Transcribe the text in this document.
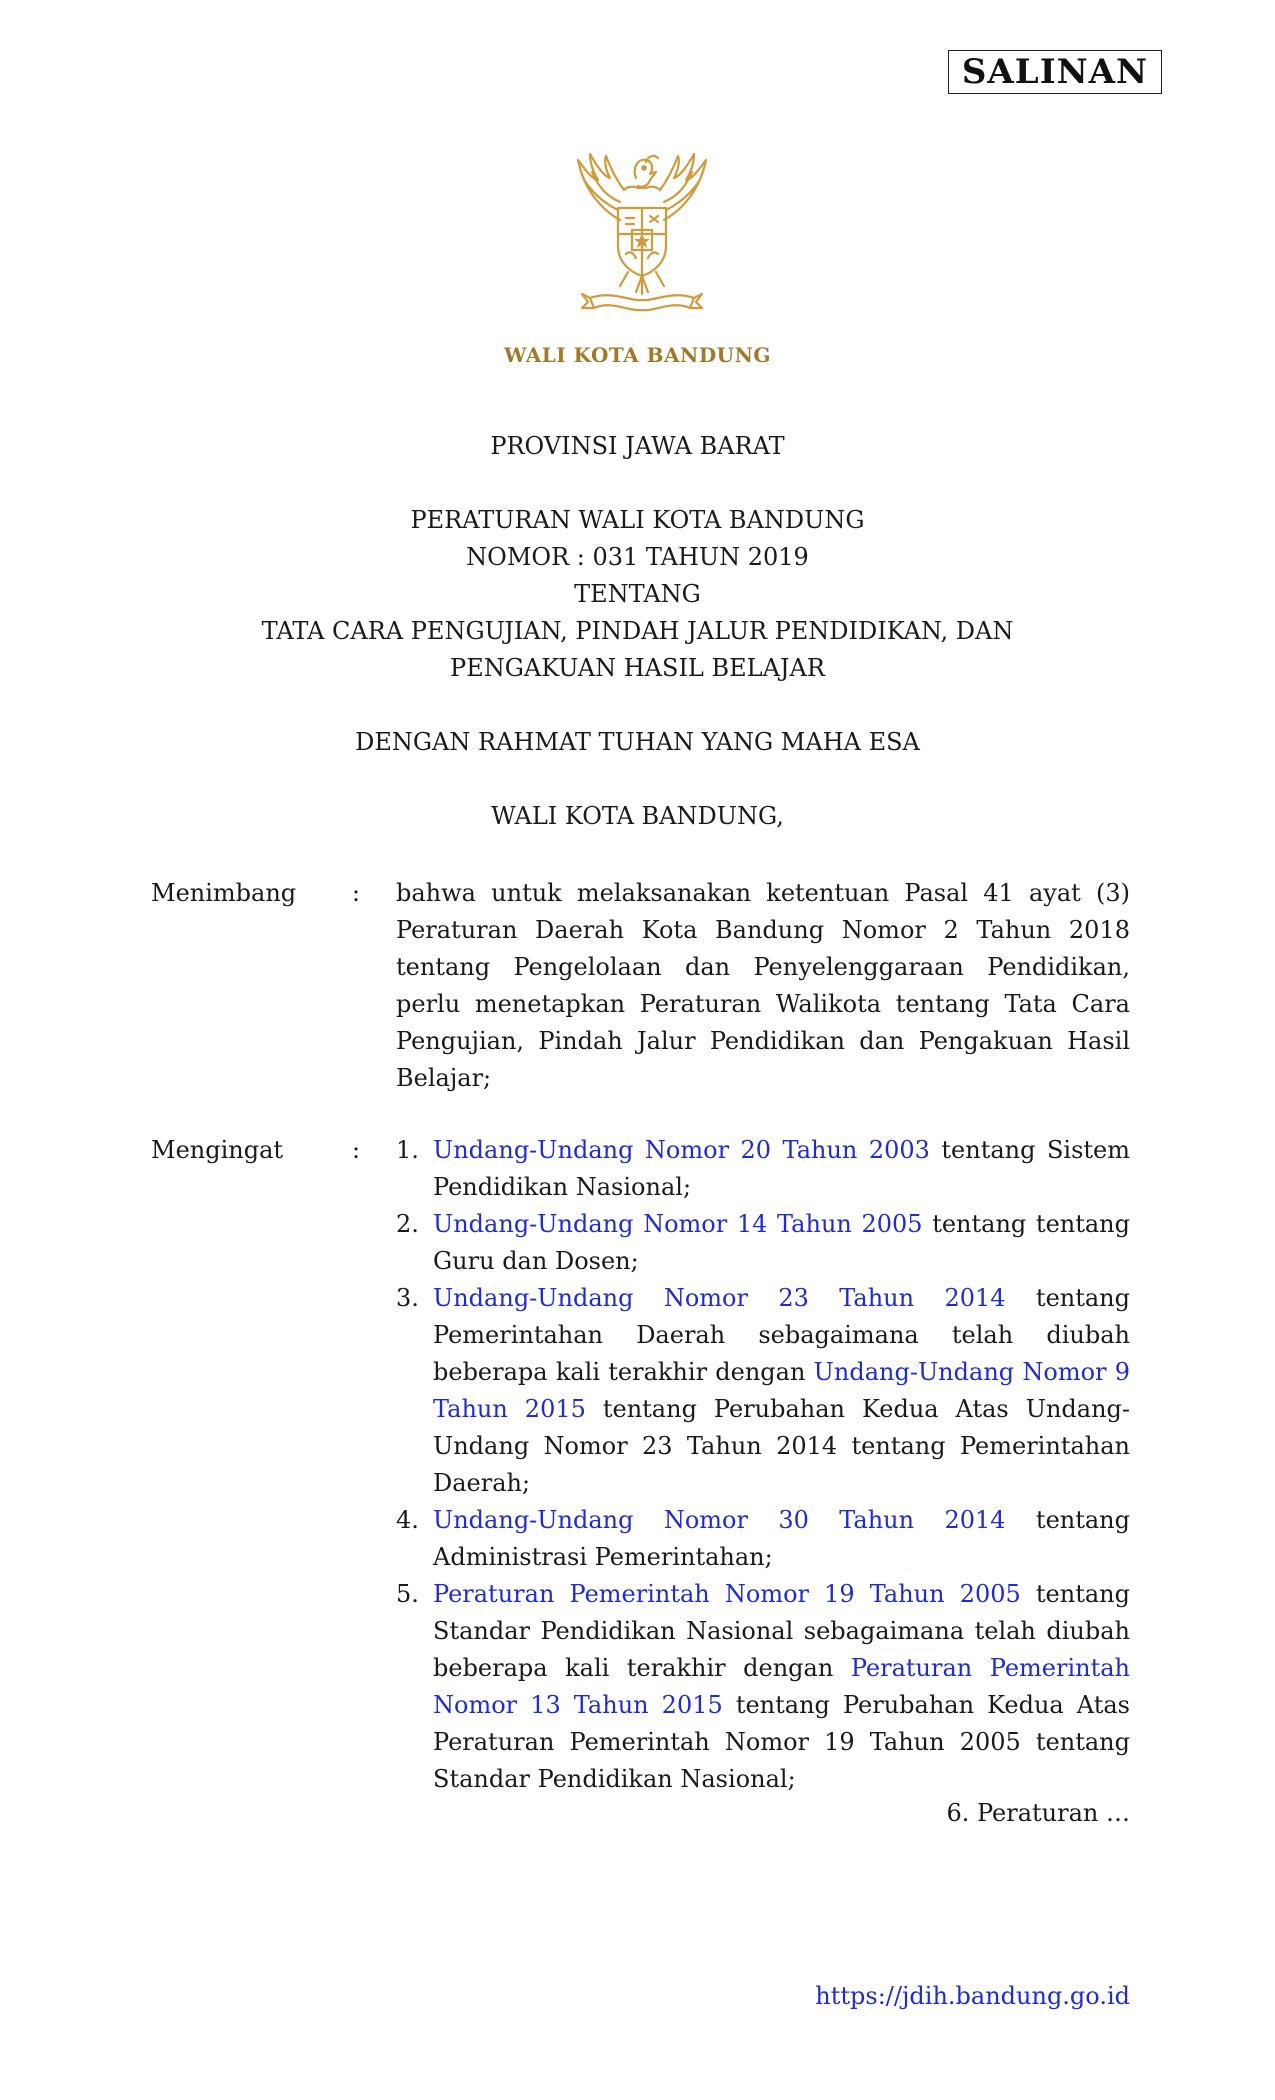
SALINAN
WALI KOTA BANDUNG
PROVINSI JAWA BARAT
PERATURAN WALI KOTA BANDUNG
NOMOR : 031 TAHUN 2019
TENTANG
TATA CARA PENGUJIAN, PINDAH JALUR PENDIDIKAN, DAN
PENGAKUAN HASIL BELAJAR
DENGAN RAHMAT TUHAN YANG MAHA ESA
WALI KOTA BANDUNG,
Menimbang : bahwa untuk melaksanakan ketentuan Pasal 41 ayat (3) Peraturan Daerah Kota Bandung Nomor 2 Tahun 2018 tentang Pengelolaan dan Penyelenggaraan Pendidikan, perlu menetapkan Peraturan Walikota tentang Tata Cara Pengujian, Pindah Jalur Pendidikan dan Pengakuan Hasil Belajar;

Mengingat	: 1. Undang-Undang Nomor 20 Tahun 2003 tentang Sistem Pendidikan Nasional;
2. Undang-Undang Nomor 14 Tahun 2005 tentang tentang Guru dan Dosen;
3. Undang-Undang Nomor 23 Tahun 2014 tentang Pemerintahan Daerah sebagaimana telah diubah beberapa kali terakhir dengan Undang-Undang Nomor 9 Tahun 2015 tentang Perubahan Kedua Atas Undang-Undang Nomor 23 Tahun 2014 tentang Pemerintahan Daerah;
4. Undang-Undang Nomor 30 Tahun 2014 tentang Administrasi Pemerintahan;
5. Peraturan Pemerintah Nomor 19 Tahun 2005 tentang Standar Pendidikan Nasional sebagaimana telah diubah beberapa kali terakhir dengan Peraturan Pemerintah Nomor 13 Tahun 2015 tentang Perubahan Kedua Atas Peraturan Pemerintah Nomor 19 Tahun 2005 tentang Standar Pendidikan Nasional;
6. Peraturan …
https://jdih.bandung.go.id
